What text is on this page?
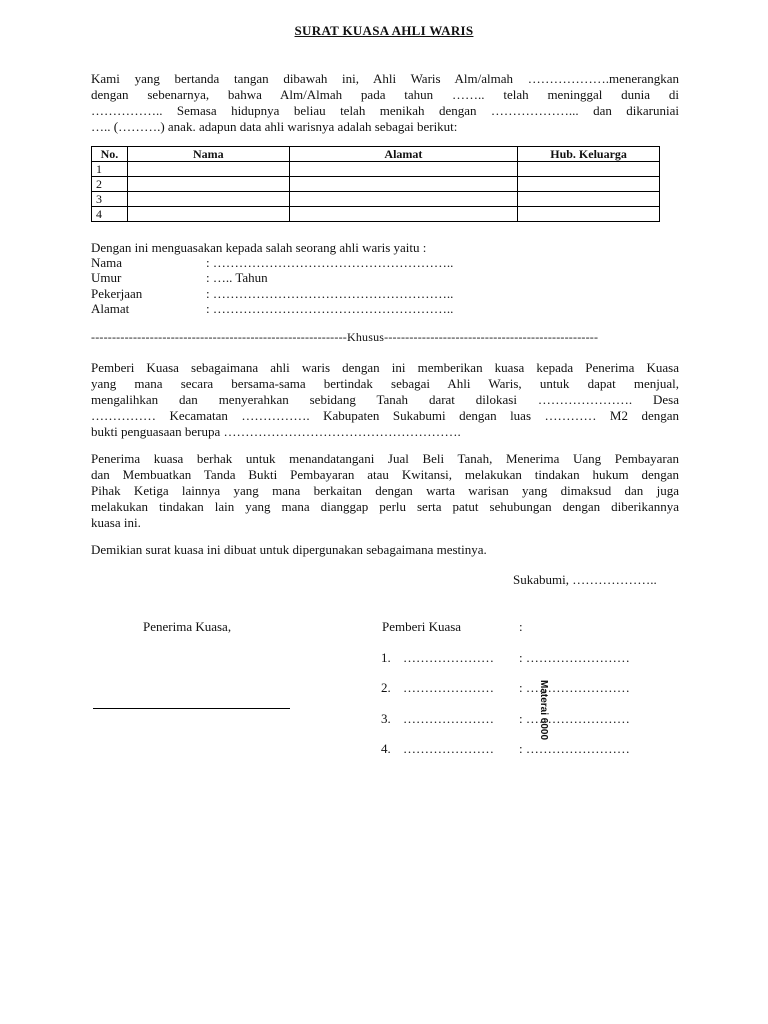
SURAT KUASA AHLI WARIS
Kami yang bertanda tangan dibawah ini, Ahli Waris Alm/almah ……………….menerangkan
dengan sebenarnya, bahwa Alm/Almah pada tahun …….. telah meninggal dunia di
…………….. Semasa hidupnya beliau telah menikah dengan ………………... dan dikaruniai
….. (……….) anak. adapun data ahli warisnya adalah sebagai berikut:
No.	Nama	Alamat	Hub. Keluarga
1			
2			
3			
4			
Dengan ini menguasakan kepada salah seorang ahli waris yaitu :
Nama	: ………………………………………………..
Umur	: ….. Tahun
Pekerjaan	: ………………………………………………..
Alamat	: ………………………………………………..
-------------------------------------------------------------Khusus---------------------------------------------------
Pemberi Kuasa sebagaimana ahli waris dengan ini memberikan kuasa kepada Penerima Kuasa
yang mana secara bersama-sama bertindak sebagai Ahli Waris, untuk dapat menjual,
mengalihkan dan menyerahkan sebidang Tanah darat dilokasi …………………. Desa
…………… Kecamatan ……………. Kabupaten Sukabumi dengan luas ………… M2 dengan
bukti penguasaan berupa ……………………………………………….
Penerima kuasa berhak untuk menandatangani Jual Beli Tanah, Menerima Uang Pembayaran
dan Membuatkan Tanda Bukti Pembayaran atau Kwitansi, melakukan tindakan hukum dengan
Pihak Ketiga lainnya yang mana berkaitan dengan warta warisan yang dimaksud dan juga
melakukan tindakan lain yang mana dianggap perlu serta patut sehubungan dengan diberikannya
kuasa ini.
Demikian surat kuasa ini dibuat untuk dipergunakan sebagaimana mestinya.
Sukabumi, ………………..
Penerima Kuasa,	Pemberi Kuasa	:
1. ………………… : ……………………
2. ………………… : ……………………
3. ………………… : ……………………
4. ………………… : ……………………
Materai 6000
